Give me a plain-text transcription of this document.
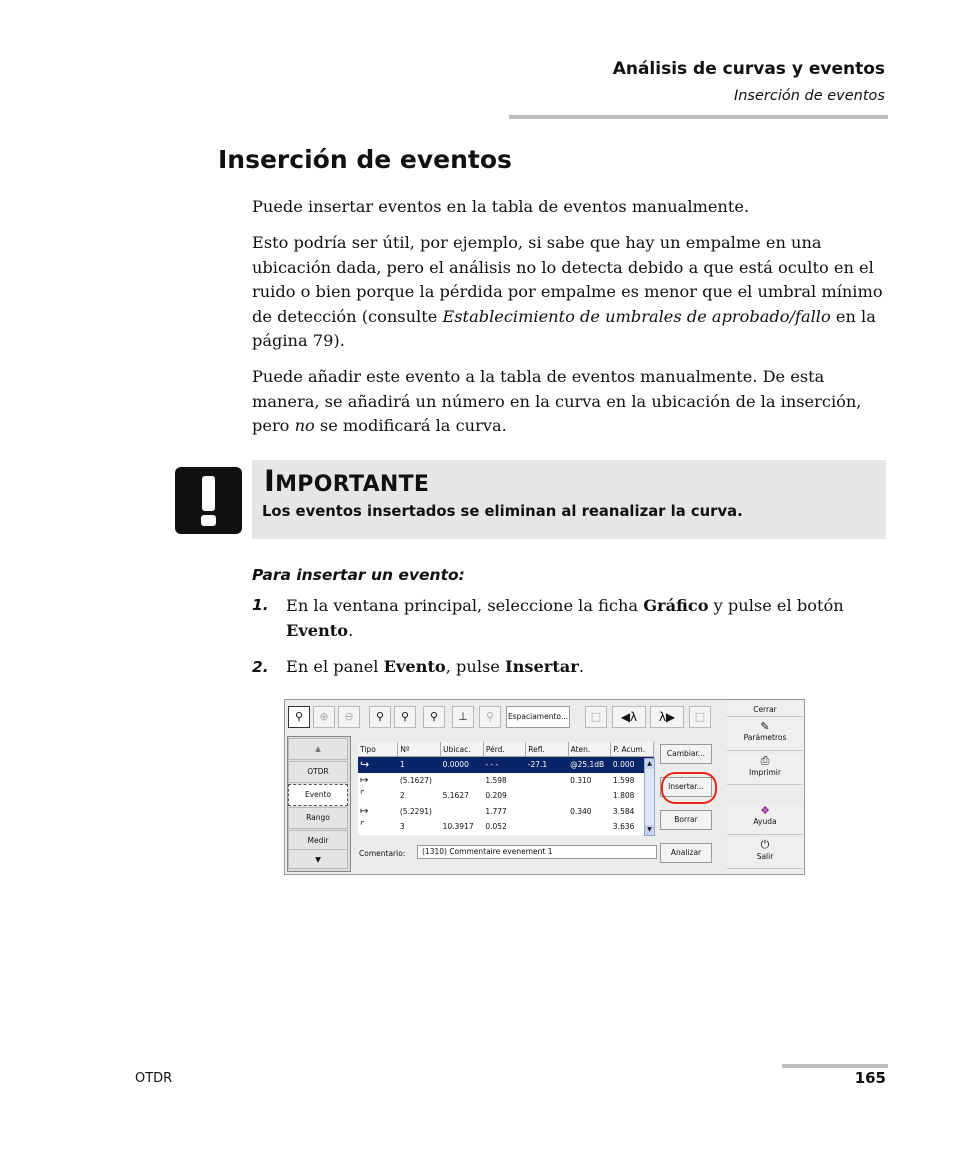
Análisis de curvas y eventos
Inserción de eventos
Inserción de eventos

Puede insertar eventos en la tabla de eventos manualmente.

Esto podría ser útil, por ejemplo, si sabe que hay un empalme en una ubicación dada, pero el análisis no lo detecta debido a que está oculto en el ruido o bien porque la pérdida por empalme es menor que el umbral mínimo de detección (consulte Establecimiento de umbrales de aprobado/fallo en la página 79).

Puede añadir este evento a la tabla de eventos manualmente. De esta manera, se añadirá un número en la curva en la ubicación de la inserción, pero no se modificará la curva.

IMPORTANTE
Los eventos insertados se eliminan al reanalizar la curva.
Para insertar un evento:
1. En la ventana principal, seleccione la ficha Gráfico y pulse el botón Evento.
2. En el panel Evento, pulse Insertar.
⚲	⊕	⊖	⚲	⚲	⚲	⊥	⚲	Espaciamento...	□	◀λ	λ▶	□
▲
OTDR
Evento
Rango
Medir
▼
Tipo	Nº	Ubicac.	Pérd.	Refl.	Aten.	P. Acum.
↪	1	0.0000	- - -	-27.1	@25.1dB	0.000
↦	(5.1627)		1.598		0.310	1.598
⌜	2	5.1627	0.209			1.808
↦	(5.2291)		1.777		0.340	3.584
⌜	3	10.3917	0.052			3.636
▲
▼
Comentario:	(1310) Commentaire evenement 1
Cambiar...
Insertar...
Borrar
Analizar
Cerrar
✎
Parámetros
⎙
Imprimir
❖
Ayuda
⏻
Salir
OTDR	165
